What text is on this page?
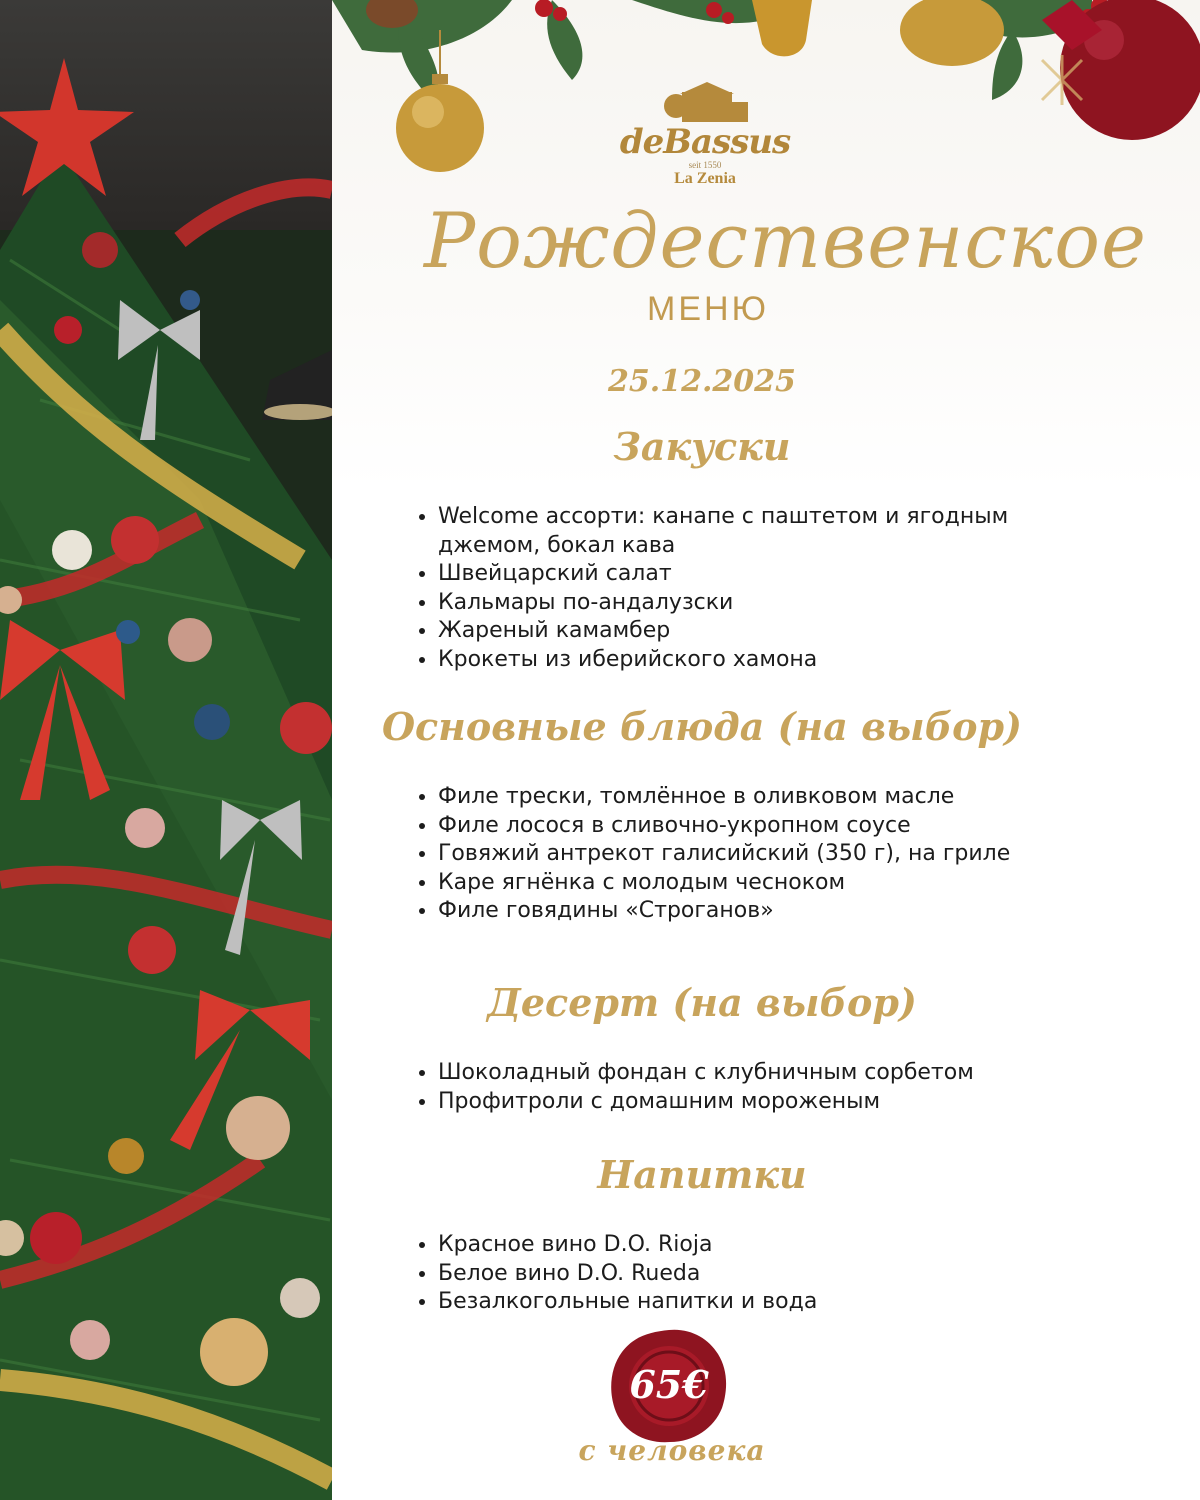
deBassus
seit 1550
La Zenia
Рождественское
МЕНЮ
25.12.2025
Закуски
• Welcome ассорти: канапе с паштетом и ягодным джемом, бокал кава
• Швейцарский салат
• Кальмары по-андалузски
• Жареный камамбер
• Крокеты из иберийского хамона
Основные блюда (на выбор)
• Филе трески, томлённое в оливковом масле
• Филе лосося в сливочно-укропном соусе
• Говяжий антрекот галисийский (350 г), на гриле
• Каре ягнёнка с молодым чесноком
• Филе говядины «Строганов»
Десерт (на выбор)
• Шоколадный фондан с клубничным сорбетом
• Профитроли с домашним мороженым
Напитки
• Красное вино D.O. Rioja
• Белое вино D.O. Rueda
• Безалкогольные напитки и вода
65€
с человека
